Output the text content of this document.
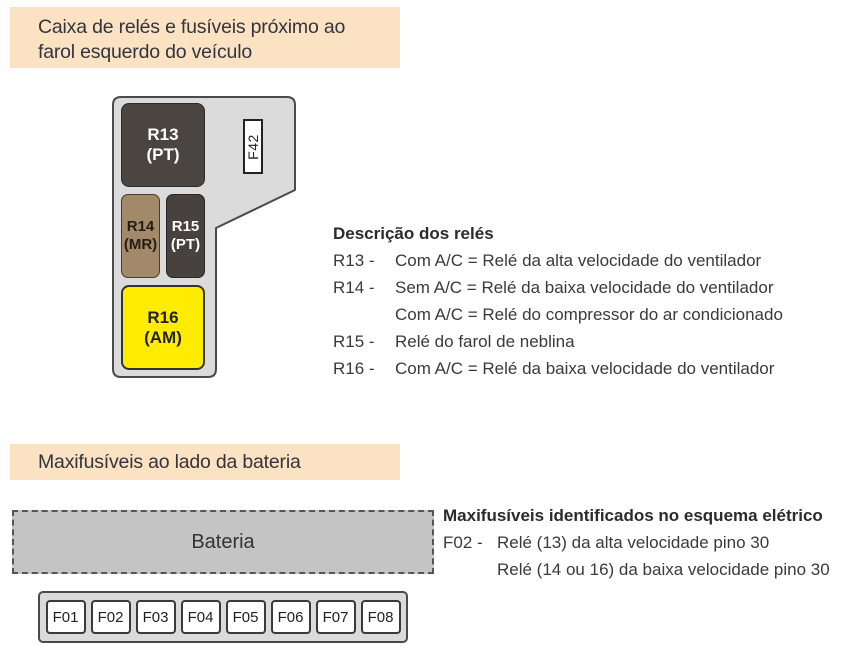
Caixa de relés e fusíveis próximo ao
farol esquerdo do veículo
R13
(PT)	F42
R14
(MR)
R15
(PT)
R16
(AM)
Descrição dos relés
R13 -	Com A/C = Relé da alta velocidade do ventilador
R14 -	Sem A/C = Relé da baixa velocidade do ventilador
Com A/C = Relé do compressor do ar condicionado
R15 -	Relé do farol de neblina
R16 -	Com A/C = Relé da baixa velocidade do ventilador
Maxifusíveis ao lado da bateria
Bateria
Maxifusíveis identificados no esquema elétrico
F02 - Relé (13) da alta velocidade pino 30
Relé (14 ou 16) da baixa velocidade pino 30
F01	F02	F03	F04	F05	F06	F07	F08
